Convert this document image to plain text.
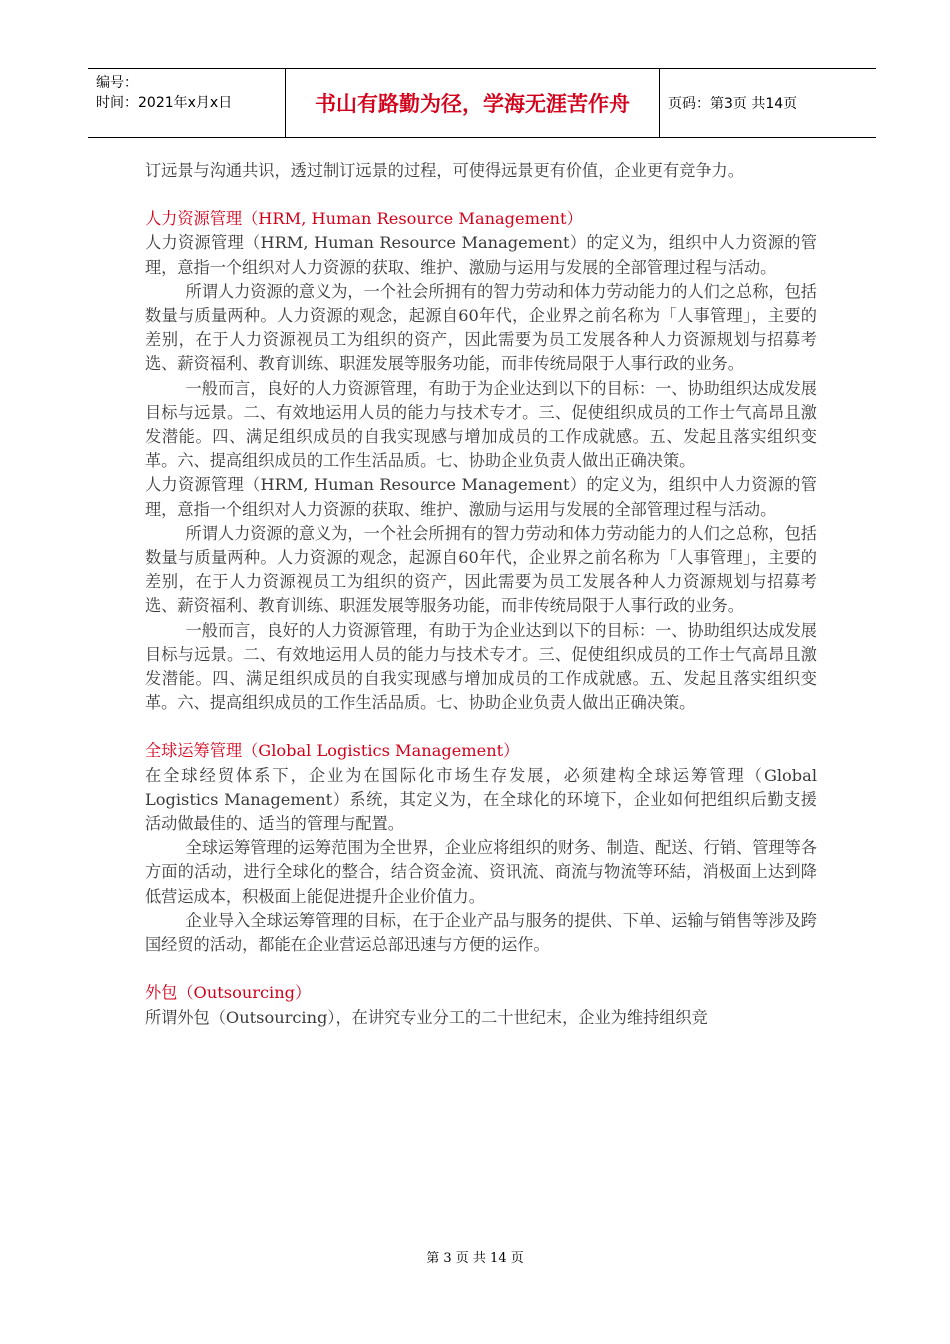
编号：
时间：2021年x月x日	书山有路勤为径，学海无涯苦作舟	页码：第3页 共14页

订远景与沟通共识，透过制订远景的过程，可使得远景更有价值，企业更有竞争力。

人力资源管理（HRM, Human Resource Management）

人力资源管理（HRM, Human Resource Management）的定义为，组织中人力资源的管理，意指一个组织对人力资源的获取、维护、激励与运用与发展的全部管理过程与活动。

所谓人力资源的意义为，一个社会所拥有的智力劳动和体力劳动能力的人们之总称，包括数量与质量两种。人力资源的观念，起源自60年代，企业界之前名称为「人事管理」，主要的差别，在于人力资源视员工为组织的资产，因此需要为员工发展各种人力资源规划与招募考选、薪资福利、教育训练、职涯发展等服务功能，而非传统局限于人事行政的业务。

一般而言，良好的人力资源管理，有助于为企业达到以下的目标：一、协助组织达成发展目标与远景。二、有效地运用人员的能力与技术专才。三、促使组织成员的工作士气高昂且激发潜能。四、满足组织成员的自我实现感与增加成员的工作成就感。五、发起且落实组织变革。六、提高组织成员的工作生活品质。七、协助企业负责人做出正确决策。

人力资源管理（HRM, Human Resource Management）的定义为，组织中人力资源的管理，意指一个组织对人力资源的获取、维护、激励与运用与发展的全部管理过程与活动。

所谓人力资源的意义为，一个社会所拥有的智力劳动和体力劳动能力的人们之总称，包括数量与质量两种。人力资源的观念，起源自60年代，企业界之前名称为「人事管理」，主要的差别，在于人力资源视员工为组织的资产，因此需要为员工发展各种人力资源规划与招募考选、薪资福利、教育训练、职涯发展等服务功能，而非传统局限于人事行政的业务。

一般而言，良好的人力资源管理，有助于为企业达到以下的目标：一、协助组织达成发展目标与远景。二、有效地运用人员的能力与技术专才。三、促使组织成员的工作士气高昂且激发潜能。四、满足组织成员的自我实现感与增加成员的工作成就感。五、发起且落实组织变革。六、提高组织成员的工作生活品质。七、协助企业负责人做出正确决策。

全球运筹管理（Global Logistics Management）

在全球经贸体系下，企业为在国际化市场生存发展，必须建构全球运筹管理（Global Logistics Management）系统，其定义为，在全球化的环境下，企业如何把组织后勤支援活动做最佳的、适当的管理与配置。

全球运筹管理的运筹范围为全世界，企业应将组织的财务、制造、配送、行销、管理等各方面的活动，进行全球化的整合，结合资金流、资讯流、商流与物流等环結，消极面上达到降低营运成本，积极面上能促进提升企业价值力。

企业导入全球运筹管理的目标，在于企业产品与服务的提供、下单、运输与销售等涉及跨国经贸的活动，都能在企业营运总部迅速与方便的运作。

外包（Outsourcing）

所谓外包（Outsourcing），在讲究专业分工的二十世纪末，企业为维持组织竞

第 3 页 共 14 页
